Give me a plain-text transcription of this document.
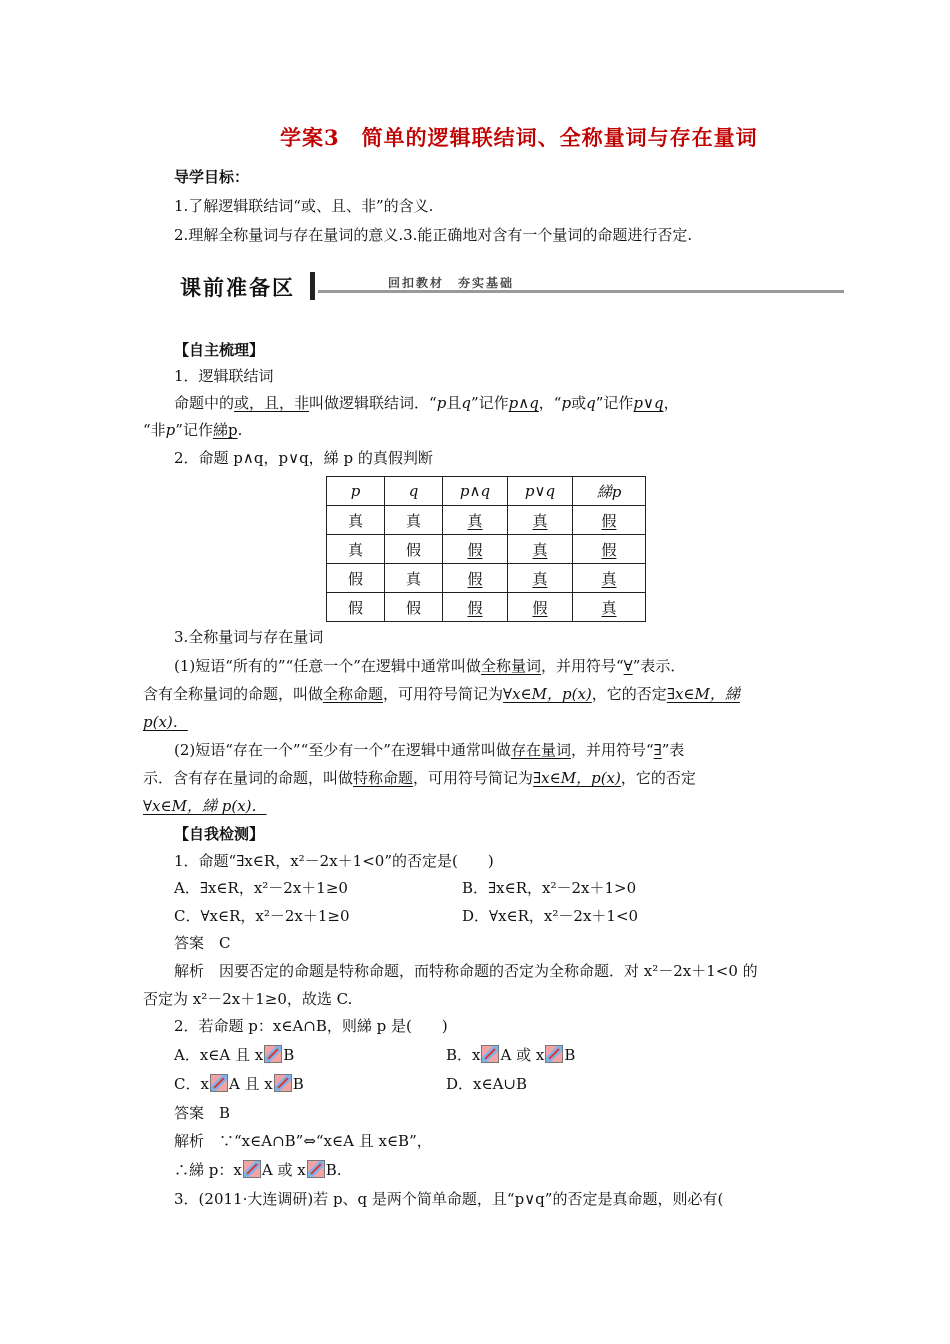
学案3　简单的逻辑联结词、全称量词与存在量词
导学目标：
1.了解逻辑联结词“或、且、非”的含义.
2.理解全称量词与存在量词的意义.3.能正确地对含有一个量词的命题进行否定.
课前准备区	回扣教材　夯实基础
【自主梳理】
1．逻辑联结词
命题中的或，且，非叫做逻辑联结词．“p且q”记作p∧q，“p或q”记作p∨q，
“非p”记作綈p.
2．命题 p∧q，p∨q，綈 p 的真假判断
p	q	p∧q	p∨q	綈p
真	真	真	真	假
真	假	假	真	假
假	真	假	真	真
假	假	假	假	真
3.全称量词与存在量词
(1)短语“所有的”“任意一个”在逻辑中通常叫做全称量词，并用符号“∀”表示．
含有全称量词的命题，叫做全称命题，可用符号简记为∀x∈M，p(x)，它的否定∃x∈M，綈
p(x)．
(2)短语“存在一个”“至少有一个”在逻辑中通常叫做存在量词，并用符号“∃”表
示．含有存在量词的命题，叫做特称命题，可用符号简记为∃x∈M，p(x)，它的否定
∀x∈M，綈 p(x)．
【自我检测】
1．命题“∃x∈R，x²－2x＋1<0”的否定是(　　)
A．∃x∈R，x²－2x＋1≥0	B．∃x∈R，x²－2x＋1>0
C．∀x∈R，x²－2x＋1≥0	D．∀x∈R，x²－2x＋1<0
答案　C
解析　因要否定的命题是特称命题，而特称命题的否定为全称命题．对 x²－2x＋1<0 的
否定为 x²－2x＋1≥0，故选 C.
2．若命题 p：x∈A∩B，则綈 p 是(　　)
A．x∈A 且 x B	B．x A 或 x B
C．x A 且 x B	D．x∈A∪B
答案　B
解析　∵“x∈A∩B”⇔“x∈A 且 x∈B”，
∴綈 p：x A 或 x B.
3．(2011·大连调研)若 p、q 是两个简单命题，且“p∨q”的否定是真命题，则必有(
